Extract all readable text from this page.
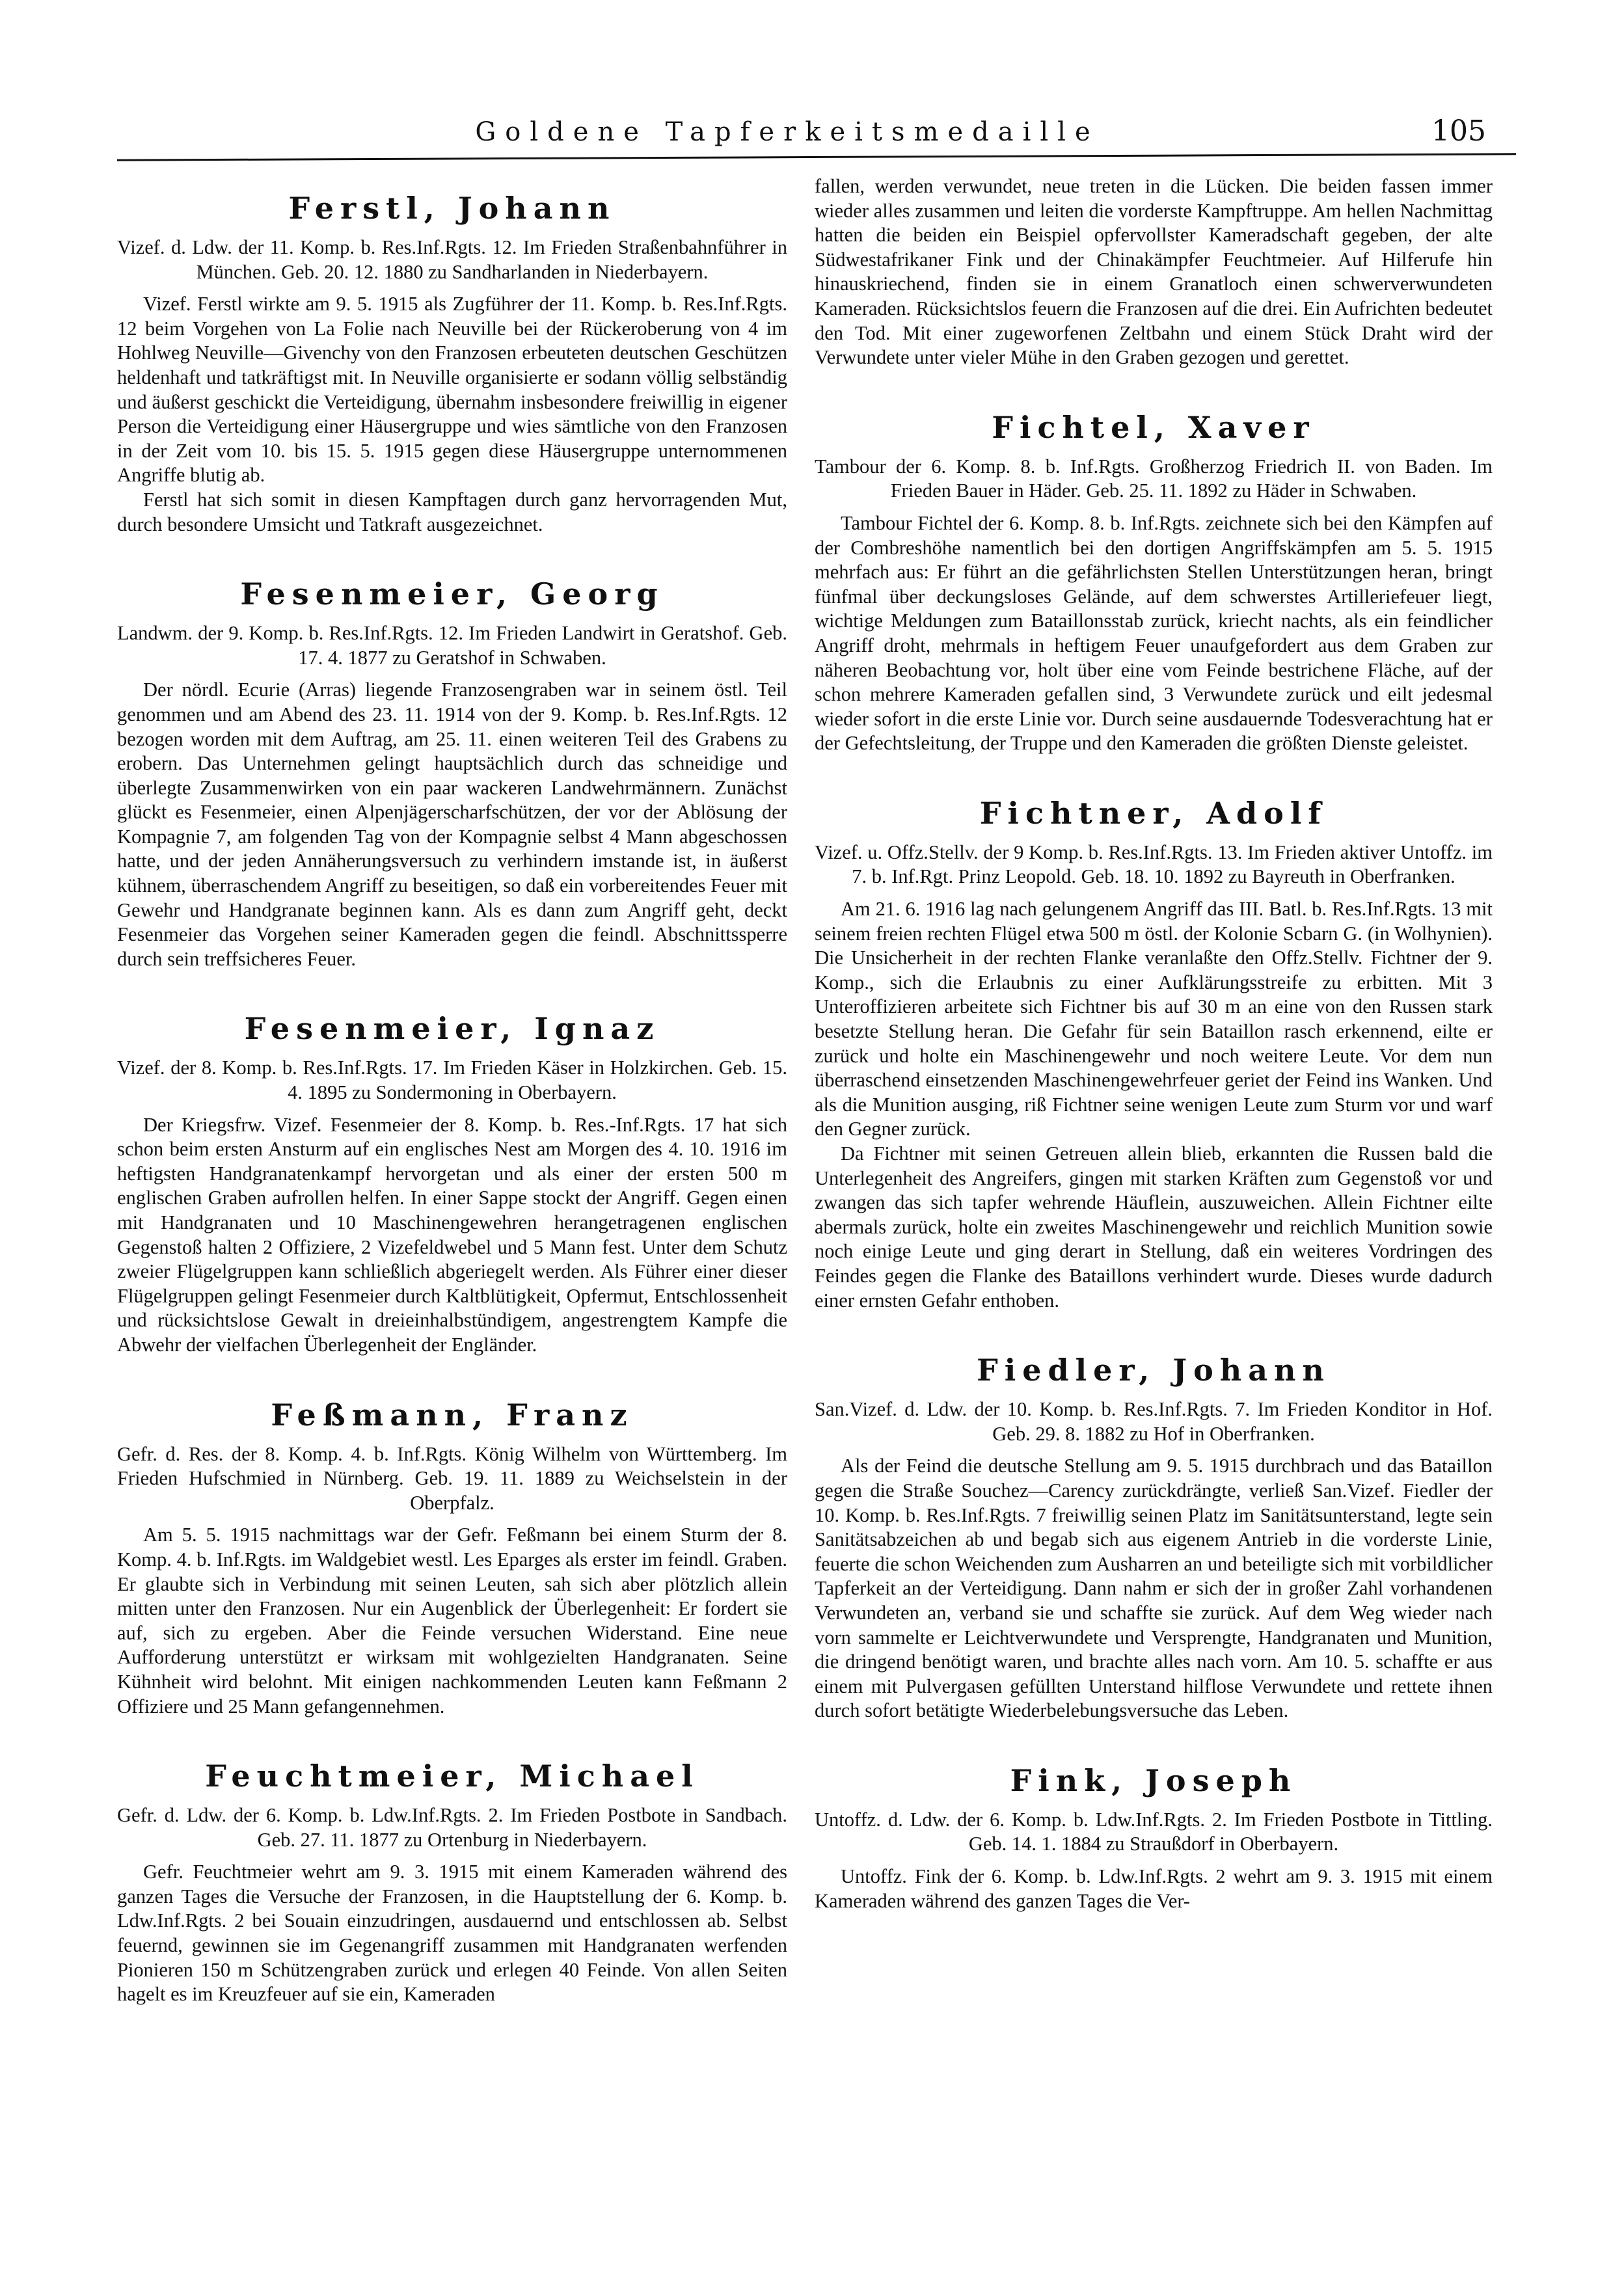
Goldene Tapferkeitsmedaille	105
Ferstl, Johann

Vizef. d. Ldw. der 11. Komp. b. Res.Inf.Rgts. 12. Im Frieden Straßenbahnführer in München. Geb. 20. 12. 1880 zu Sandharlanden in Niederbayern.

Vizef. Ferstl wirkte am 9. 5. 1915 als Zugführer der 11. Komp. b. Res.Inf.Rgts. 12 beim Vorgehen von La Folie nach Neuville bei der Rückeroberung von 4 im Hohlweg Neuville—Givenchy von den Franzosen erbeuteten deutschen Geschützen heldenhaft und tatkräftigst mit. In Neuville organisierte er sodann völlig selbständig und äußerst geschickt die Verteidigung, übernahm insbesondere freiwillig in eigener Person die Verteidigung einer Häusergruppe und wies sämtliche von den Franzosen in der Zeit vom 10. bis 15. 5. 1915 gegen diese Häusergruppe unternommenen Angriffe blutig ab.

Ferstl hat sich somit in diesen Kampftagen durch ganz hervorragenden Mut, durch besondere Umsicht und Tatkraft ausgezeichnet.

Fesenmeier, Georg

Landwm. der 9. Komp. b. Res.Inf.Rgts. 12. Im Frieden Landwirt in Geratshof. Geb. 17. 4. 1877 zu Geratshof in Schwaben.

Der nördl. Ecurie (Arras) liegende Franzosengraben war in seinem östl. Teil genommen und am Abend des 23. 11. 1914 von der 9. Komp. b. Res.Inf.Rgts. 12 bezogen worden mit dem Auftrag, am 25. 11. einen weiteren Teil des Grabens zu erobern. Das Unternehmen gelingt hauptsächlich durch das schneidige und überlegte Zusammenwirken von ein paar wackeren Landwehrmännern. Zunächst glückt es Fesenmeier, einen Alpenjägerscharfschützen, der vor der Ablösung der Kompagnie 7, am folgenden Tag von der Kompagnie selbst 4 Mann abgeschossen hatte, und der jeden Annäherungsversuch zu verhindern imstande ist, in äußerst kühnem, überraschendem Angriff zu beseitigen, so daß ein vorbereitendes Feuer mit Gewehr und Handgranate beginnen kann. Als es dann zum Angriff geht, deckt Fesenmeier das Vorgehen seiner Kameraden gegen die feindl. Abschnittssperre durch sein treffsicheres Feuer.

Fesenmeier, Ignaz

Vizef. der 8. Komp. b. Res.Inf.Rgts. 17. Im Frieden Käser in Holzkirchen. Geb. 15. 4. 1895 zu Sondermoning in Oberbayern.

Der Kriegsfrw. Vizef. Fesenmeier der 8. Komp. b. Res.-Inf.Rgts. 17 hat sich schon beim ersten Ansturm auf ein englisches Nest am Morgen des 4. 10. 1916 im heftigsten Handgranatenkampf hervorgetan und als einer der ersten 500 m englischen Graben aufrollen helfen. In einer Sappe stockt der Angriff. Gegen einen mit Handgranaten und 10 Maschinengewehren herangetragenen englischen Gegenstoß halten 2 Offiziere, 2 Vizefeldwebel und 5 Mann fest. Unter dem Schutz zweier Flügelgruppen kann schließlich abgeriegelt werden. Als Führer einer dieser Flügelgruppen gelingt Fesenmeier durch Kaltblütigkeit, Opfermut, Entschlossenheit und rücksichtslose Gewalt in dreieinhalbstündigem, angestrengtem Kampfe die Abwehr der vielfachen Überlegenheit der Engländer.

Feßmann, Franz

Gefr. d. Res. der 8. Komp. 4. b. Inf.Rgts. König Wilhelm von Württemberg. Im Frieden Hufschmied in Nürnberg. Geb. 19. 11. 1889 zu Weichselstein in der Oberpfalz.

Am 5. 5. 1915 nachmittags war der Gefr. Feßmann bei einem Sturm der 8. Komp. 4. b. Inf.Rgts. im Waldgebiet westl. Les Eparges als erster im feindl. Graben. Er glaubte sich in Verbindung mit seinen Leuten, sah sich aber plötzlich allein mitten unter den Franzosen. Nur ein Augenblick der Überlegenheit: Er fordert sie auf, sich zu ergeben. Aber die Feinde versuchen Widerstand. Eine neue Aufforderung unterstützt er wirksam mit wohlgezielten Handgranaten. Seine Kühnheit wird belohnt. Mit einigen nachkommenden Leuten kann Feßmann 2 Offiziere und 25 Mann gefangennehmen.

Feuchtmeier, Michael

Gefr. d. Ldw. der 6. Komp. b. Ldw.Inf.Rgts. 2. Im Frieden Postbote in Sandbach. Geb. 27. 11. 1877 zu Ortenburg in Niederbayern.

Gefr. Feuchtmeier wehrt am 9. 3. 1915 mit einem Kameraden während des ganzen Tages die Versuche der Franzosen, in die Hauptstellung der 6. Komp. b. Ldw.Inf.Rgts. 2 bei Souain einzudringen, ausdauernd und entschlossen ab. Selbst feuernd, gewinnen sie im Gegenangriff zusammen mit Handgranaten werfenden Pionieren 150 m Schützengraben zurück und erlegen 40 Feinde. Von allen Seiten hagelt es im Kreuzfeuer auf sie ein, Kameraden

fallen, werden verwundet, neue treten in die Lücken. Die beiden fassen immer wieder alles zusammen und leiten die vorderste Kampftruppe. Am hellen Nachmittag hatten die beiden ein Beispiel opfervollster Kameradschaft gegeben, der alte Südwestafrikaner Fink und der Chinakämpfer Feuchtmeier. Auf Hilferufe hin hinauskriechend, finden sie in einem Granatloch einen schwerverwundeten Kameraden. Rücksichtslos feuern die Franzosen auf die drei. Ein Aufrichten bedeutet den Tod. Mit einer zugeworfenen Zeltbahn und einem Stück Draht wird der Verwundete unter vieler Mühe in den Graben gezogen und gerettet.

Fichtel, Xaver

Tambour der 6. Komp. 8. b. Inf.Rgts. Großherzog Friedrich II. von Baden. Im Frieden Bauer in Häder. Geb. 25. 11. 1892 zu Häder in Schwaben.

Tambour Fichtel der 6. Komp. 8. b. Inf.Rgts. zeichnete sich bei den Kämpfen auf der Combreshöhe namentlich bei den dortigen Angriffskämpfen am 5. 5. 1915 mehrfach aus: Er führt an die gefährlichsten Stellen Unterstützungen heran, bringt fünfmal über deckungsloses Gelände, auf dem schwerstes Artilleriefeuer liegt, wichtige Meldungen zum Bataillonsstab zurück, kriecht nachts, als ein feindlicher Angriff droht, mehrmals in heftigem Feuer unaufgefordert aus dem Graben zur näheren Beobachtung vor, holt über eine vom Feinde bestrichene Fläche, auf der schon mehrere Kameraden gefallen sind, 3 Verwundete zurück und eilt jedesmal wieder sofort in die erste Linie vor. Durch seine ausdauernde Todesverachtung hat er der Gefechtsleitung, der Truppe und den Kameraden die größten Dienste geleistet.

Fichtner, Adolf

Vizef. u. Offz.Stellv. der 9 Komp. b. Res.Inf.Rgts. 13. Im Frieden aktiver Untoffz. im 7. b. Inf.Rgt. Prinz Leopold. Geb. 18. 10. 1892 zu Bayreuth in Oberfranken.

Am 21. 6. 1916 lag nach gelungenem Angriff das III. Batl. b. Res.Inf.Rgts. 13 mit seinem freien rechten Flügel etwa 500 m östl. der Kolonie Scbarn G. (in Wolhynien). Die Unsicherheit in der rechten Flanke veranlaßte den Offz.Stellv. Fichtner der 9. Komp., sich die Erlaubnis zu einer Aufklärungsstreife zu erbitten. Mit 3 Unteroffizieren arbeitete sich Fichtner bis auf 30 m an eine von den Russen stark besetzte Stellung heran. Die Gefahr für sein Bataillon rasch erkennend, eilte er zurück und holte ein Maschinengewehr und noch weitere Leute. Vor dem nun überraschend einsetzenden Maschinengewehrfeuer geriet der Feind ins Wanken. Und als die Munition ausging, riß Fichtner seine wenigen Leute zum Sturm vor und warf den Gegner zurück.

Da Fichtner mit seinen Getreuen allein blieb, erkannten die Russen bald die Unterlegenheit des Angreifers, gingen mit starken Kräften zum Gegenstoß vor und zwangen das sich tapfer wehrende Häuflein, auszuweichen. Allein Fichtner eilte abermals zurück, holte ein zweites Maschinengewehr und reichlich Munition sowie noch einige Leute und ging derart in Stellung, daß ein weiteres Vordringen des Feindes gegen die Flanke des Bataillons verhindert wurde. Dieses wurde dadurch einer ernsten Gefahr enthoben.

Fiedler, Johann

San.Vizef. d. Ldw. der 10. Komp. b. Res.Inf.Rgts. 7. Im Frieden Konditor in Hof. Geb. 29. 8. 1882 zu Hof in Oberfranken.

Als der Feind die deutsche Stellung am 9. 5. 1915 durchbrach und das Bataillon gegen die Straße Souchez—Carency zurückdrängte, verließ San.Vizef. Fiedler der 10. Komp. b. Res.Inf.Rgts. 7 freiwillig seinen Platz im Sanitätsunterstand, legte sein Sanitätsabzeichen ab und begab sich aus eigenem Antrieb in die vorderste Linie, feuerte die schon Weichenden zum Ausharren an und beteiligte sich mit vorbildlicher Tapferkeit an der Verteidigung. Dann nahm er sich der in großer Zahl vorhandenen Verwundeten an, verband sie und schaffte sie zurück. Auf dem Weg wieder nach vorn sammelte er Leichtverwundete und Versprengte, Handgranaten und Munition, die dringend benötigt waren, und brachte alles nach vorn. Am 10. 5. schaffte er aus einem mit Pulvergasen gefüllten Unterstand hilflose Verwundete und rettete ihnen durch sofort betätigte Wiederbelebungsversuche das Leben.

Fink, Joseph

Untoffz. d. Ldw. der 6. Komp. b. Ldw.Inf.Rgts. 2. Im Frieden Postbote in Tittling. Geb. 14. 1. 1884 zu Straußdorf in Oberbayern.

Untoffz. Fink der 6. Komp. b. Ldw.Inf.Rgts. 2 wehrt am 9. 3. 1915 mit einem Kameraden während des ganzen Tages die Ver-
